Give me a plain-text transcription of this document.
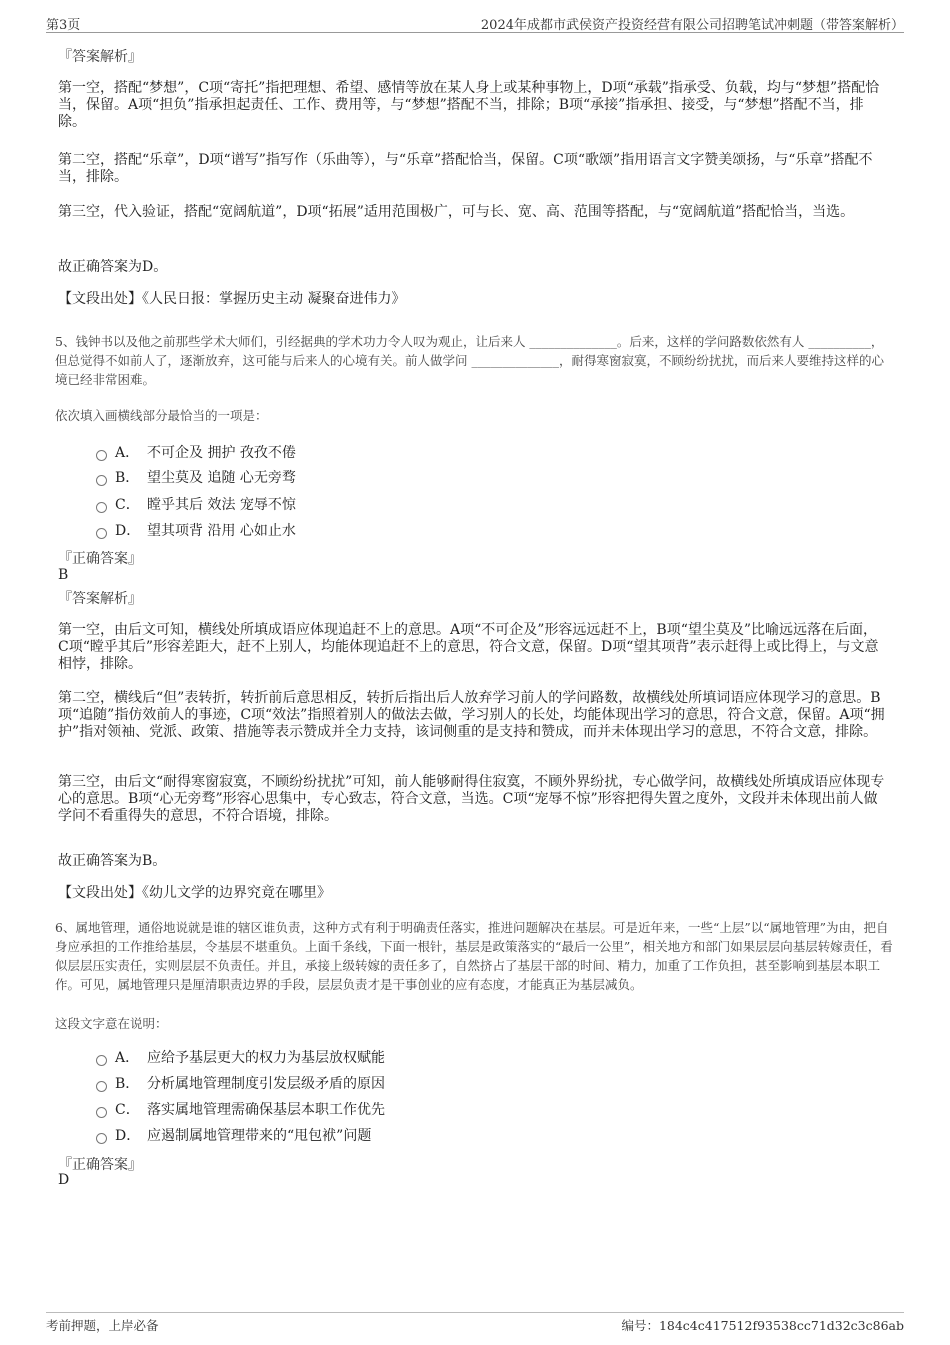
第3页	2024年成都市武侯资产投资经营有限公司招聘笔试冲刺题（带答案解析）
『答案解析』

第一空，搭配“梦想”，C项“寄托”指把理想、希望、感情等放在某人身上或某种事物上，D项“承载”指承受、负载，均与“梦想”搭配恰当，保留。A项“担负”指承担起责任、工作、费用等，与“梦想”搭配不当，排除；B项“承接”指承担、接受，与“梦想”搭配不当，排除。

第二空，搭配“乐章”，D项“谱写”指写作（乐曲等），与“乐章”搭配恰当，保留。C项“歌颂”指用语言文字赞美颂扬，与“乐章”搭配不当，排除。

第三空，代入验证，搭配“宽阔航道”，D项“拓展”适用范围极广，可与长、宽、高、范围等搭配，与“宽阔航道”搭配恰当，当选。

故正确答案为D。
【文段出处】《人民日报：掌握历史主动 凝聚奋进伟力》

5、钱钟书以及他之前那些学术大师们，引经据典的学术功力令人叹为观止，让后来人 ______________。后来，这样的学问路数依然有人 __________，但总觉得不如前人了，逐渐放弃，这可能与后来人的心境有关。前人做学问 ______________，耐得寒窗寂寞，不顾纷纷扰扰，而后来人要维持这样的心境已经非常困难。

依次填入画横线部分最恰当的一项是：

A． 不可企及 拥护 孜孜不倦
B． 望尘莫及 追随 心无旁骛
C． 瞠乎其后 效法 宠辱不惊
D． 望其项背 沿用 心如止水
『正确答案』
B
『答案解析』

第一空，由后文可知，横线处所填成语应体现追赶不上的意思。A项“不可企及”形容远远赶不上，B项“望尘莫及”比喻远远落在后面，C项“瞠乎其后”形容差距大，赶不上别人，均能体现追赶不上的意思，符合文意，保留。D项“望其项背”表示赶得上或比得上，与文意相悖，排除。

第二空，横线后“但”表转折，转折前后意思相反，转折后指出后人放弃学习前人的学问路数，故横线处所填词语应体现学习的意思。B项“追随”指仿效前人的事迹，C项“效法”指照着别人的做法去做，学习别人的长处，均能体现出学习的意思，符合文意，保留。A项“拥护”指对领袖、党派、政策、措施等表示赞成并全力支持，该词侧重的是支持和赞成，而并未体现出学习的意思，不符合文意，排除。

第三空，由后文“耐得寒窗寂寞，不顾纷纷扰扰”可知，前人能够耐得住寂寞，不顾外界纷扰，专心做学问，故横线处所填成语应体现专心的意思。B项“心无旁骛”形容心思集中，专心致志，符合文意，当选。C项“宠辱不惊”形容把得失置之度外，文段并未体现出前人做学问不看重得失的意思，不符合语境，排除。

故正确答案为B。
【文段出处】《幼儿文学的边界究竟在哪里》

6、属地管理，通俗地说就是谁的辖区谁负责，这种方式有利于明确责任落实，推进问题解决在基层。可是近年来，一些“上层”以“属地管理”为由，把自身应承担的工作推给基层，令基层不堪重负。上面千条线，下面一根针，基层是政策落实的“最后一公里”，相关地方和部门如果层层向基层转嫁责任，看似层层压实责任，实则层层不负责任。并且，承接上级转嫁的责任多了，自然挤占了基层干部的时间、精力，加重了工作负担，甚至影响到基层本职工作。可见，属地管理只是厘清职责边界的手段，层层负责才是干事创业的应有态度，才能真正为基层减负。

这段文字意在说明：

A． 应给予基层更大的权力为基层放权赋能
B． 分析属地管理制度引发层级矛盾的原因
C． 落实属地管理需确保基层本职工作优先
D． 应遏制属地管理带来的“甩包袱”问题
『正确答案』
D
考前押题，上岸必备	编号：184c4c417512f93538cc71d32c3c86ab
